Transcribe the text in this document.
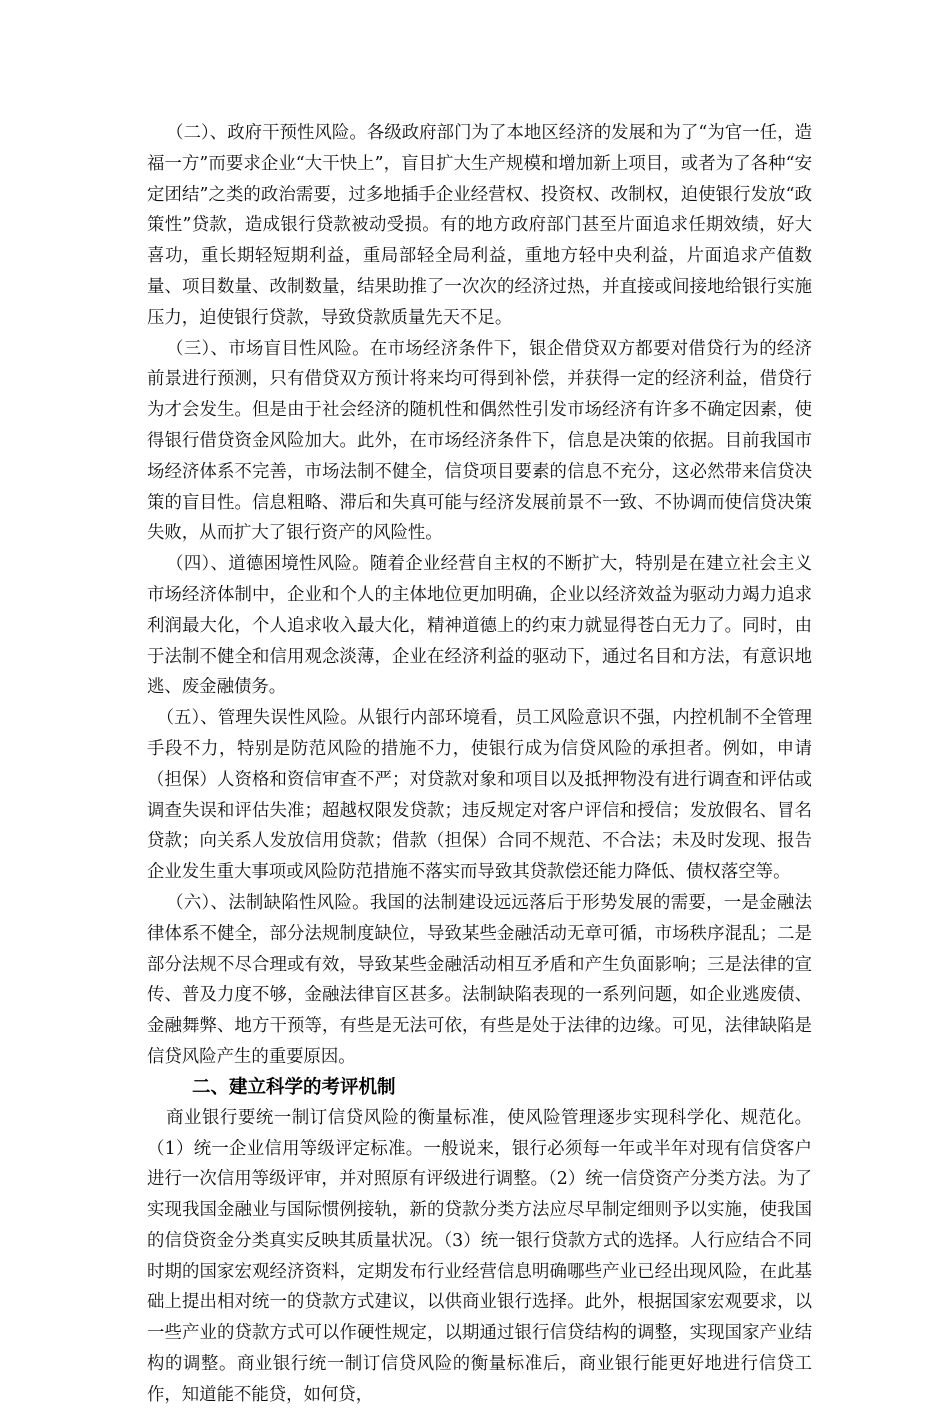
（二）、政府干预性风险。各级政府部门为了本地区经济的发展和为了“为官一任，造福一方”而要求企业“大干快上”，盲目扩大生产规模和增加新上项目，或者为了各种“安定团结”之类的政治需要，过多地插手企业经营权、投资权、改制权，迫使银行发放“政策性”贷款，造成银行贷款被动受损。有的地方政府部门甚至片面追求任期效绩，好大喜功，重长期轻短期利益，重局部轻全局利益，重地方轻中央利益，片面追求产值数量、项目数量、改制数量，结果助推了一次次的经济过热，并直接或间接地给银行实施压力，迫使银行贷款，导致贷款质量先天不足。

（三）、市场盲目性风险。在市场经济条件下，银企借贷双方都要对借贷行为的经济前景进行预测，只有借贷双方预计将来均可得到补偿，并获得一定的经济利益，借贷行为才会发生。但是由于社会经济的随机性和偶然性引发市场经济有许多不确定因素，使得银行借贷资金风险加大。此外，在市场经济条件下，信息是决策的依据。目前我国市场经济体系不完善，市场法制不健全，信贷项目要素的信息不充分，这必然带来信贷决策的盲目性。信息粗略、滞后和失真可能与经济发展前景不一致、不协调而使信贷决策失败，从而扩大了银行资产的风险性。

（四）、道德困境性风险。随着企业经营自主权的不断扩大，特别是在建立社会主义市场经济体制中，企业和个人的主体地位更加明确，企业以经济效益为驱动力竭力追求利润最大化，个人追求收入最大化，精神道德上的约束力就显得苍白无力了。同时，由于法制不健全和信用观念淡薄，企业在经济利益的驱动下，通过名目和方法，有意识地逃、废金融债务。

（五）、管理失误性风险。从银行内部环境看，员工风险意识不强，内控机制不全管理手段不力，特别是防范风险的措施不力，使银行成为信贷风险的承担者。例如，申请（担保）人资格和资信审查不严；对贷款对象和项目以及抵押物没有进行调查和评估或调查失误和评估失准；超越权限发贷款；违反规定对客户评信和授信；发放假名、冒名贷款；向关系人发放信用贷款；借款（担保）合同不规范、不合法；未及时发现、报告企业发生重大事项或风险防范措施不落实而导致其贷款偿还能力降低、债权落空等。

（六）、法制缺陷性风险。我国的法制建设远远落后于形势发展的需要，一是金融法律体系不健全，部分法规制度缺位，导致某些金融活动无章可循，市场秩序混乱；二是部分法规不尽合理或有效，导致某些金融活动相互矛盾和产生负面影响；三是法律的宣传、普及力度不够，金融法律盲区甚多。法制缺陷表现的一系列问题，如企业逃废债、金融舞弊、地方干预等，有些是无法可依，有些是处于法律的边缘。可见，法律缺陷是信贷风险产生的重要原因。

二、建立科学的考评机制

商业银行要统一制订信贷风险的衡量标准，使风险管理逐步实现科学化、规范化。（1）统一企业信用等级评定标准。一般说来，银行必须每一年或半年对现有信贷客户进行一次信用等级评审，并对照原有评级进行调整。（2）统一信贷资产分类方法。为了实现我国金融业与国际惯例接轨，新的贷款分类方法应尽早制定细则予以实施，使我国的信贷资金分类真实反映其质量状况。（3）统一银行贷款方式的选择。人行应结合不同时期的国家宏观经济资料，定期发布行业经营信息明确哪些产业已经出现风险，在此基础上提出相对统一的贷款方式建议，以供商业银行选择。此外，根据国家宏观要求，以一些产业的贷款方式可以作硬性规定，以期通过银行信贷结构的调整，实现国家产业结构的调整。商业银行统一制订信贷风险的衡量标准后，商业银行能更好地进行信贷工作，知道能不能贷，如何贷，
